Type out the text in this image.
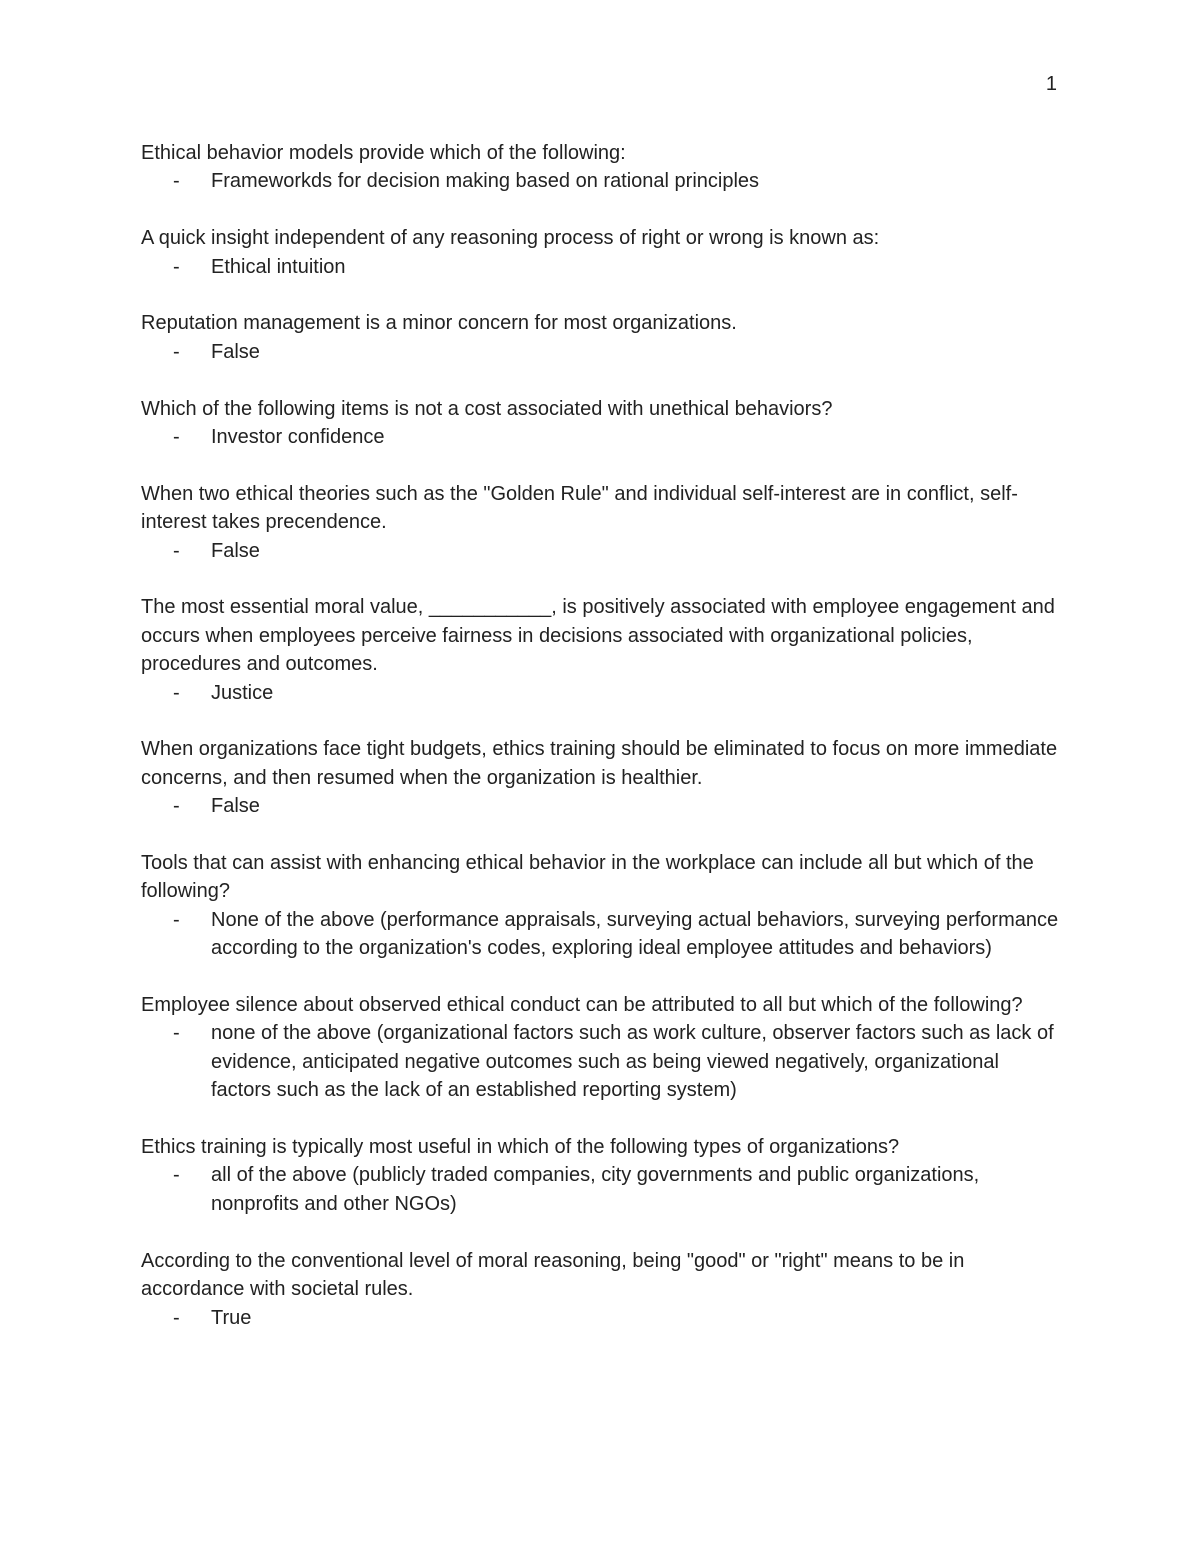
1

Ethical behavior models provide which of the following:

- Frameworkds for decision making based on rational principles

A quick insight independent of any reasoning process of right or wrong is known as:

- Ethical intuition

Reputation management is a minor concern for most organizations.

- False

Which of the following items is not a cost associated with unethical behaviors?

- Investor confidence

When two ethical theories such as the "Golden Rule" and individual self-interest are in conflict, self-interest takes precendence.

- False

The most essential moral value, ___________, is positively associated with employee engagement and occurs when employees perceive fairness in decisions associated with organizational policies, procedures and outcomes.

- Justice

When organizations face tight budgets, ethics training should be eliminated to focus on more immediate concerns, and then resumed when the organization is healthier.

- False

Tools that can assist with enhancing ethical behavior in the workplace can include all but which of the following?

- None of the above (performance appraisals, surveying actual behaviors, surveying performance according to the organization's codes, exploring ideal employee attitudes and behaviors)

Employee silence about observed ethical conduct can be attributed to all but which of the following?

- none of the above (organizational factors such as work culture, observer factors such as lack of evidence, anticipated negative outcomes such as being viewed negatively, organizational factors such as the lack of an established reporting system)

Ethics training is typically most useful in which of the following types of organizations?

- all of the above (publicly traded companies, city governments and public organizations, nonprofits and other NGOs)

According to the conventional level of moral reasoning, being "good" or "right" means to be in accordance with societal rules.

- True
